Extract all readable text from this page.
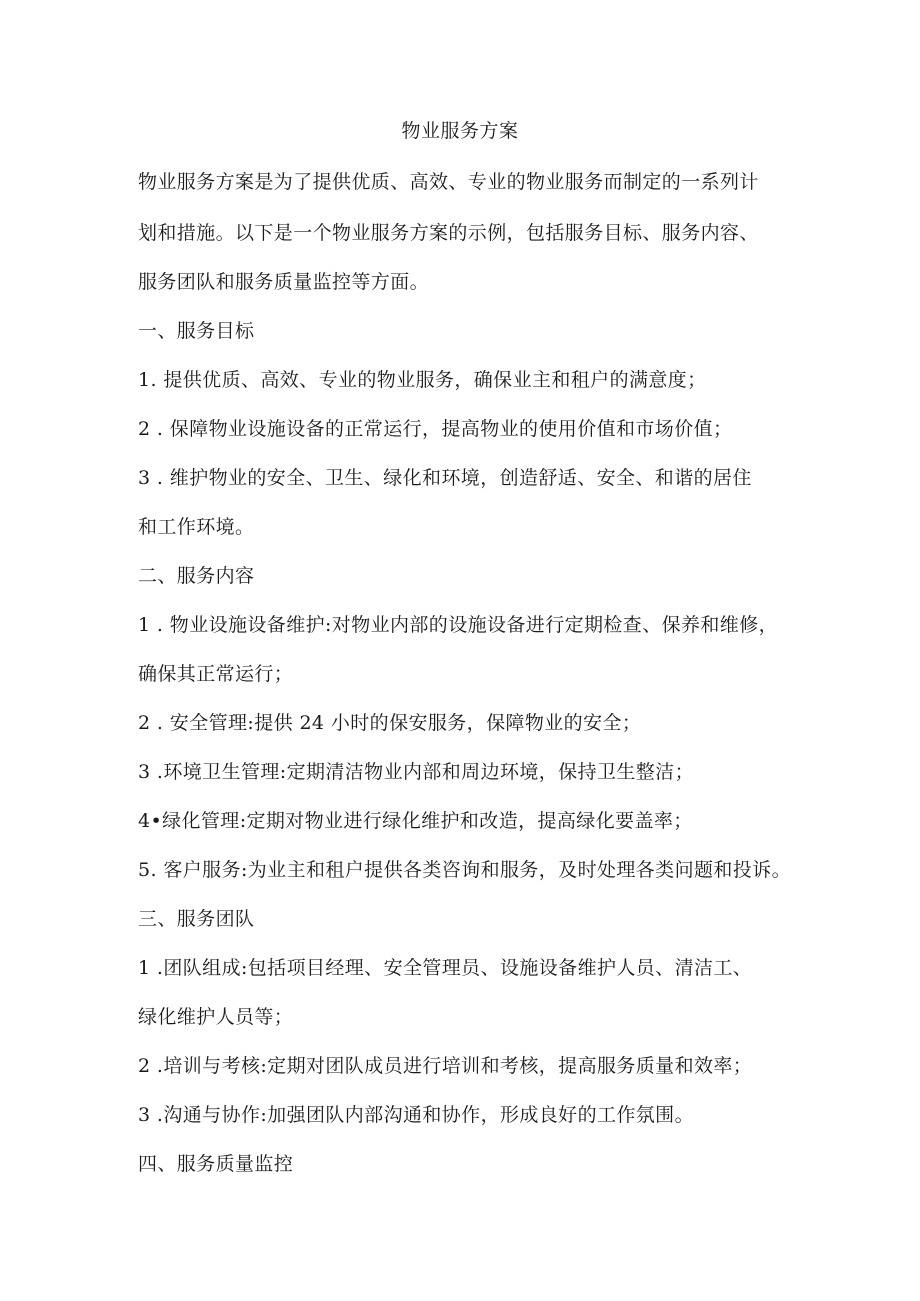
物业服务方案
物业服务方案是为了提供优质、高效、专业的物业服务而制定的一系列计
划和措施。以下是一个物业服务方案的示例，包括服务目标、服务内容、
服务团队和服务质量监控等方面。
一、服务目标
1. 提供优质、高效、专业的物业服务，确保业主和租户的满意度；
2 . 保障物业设施设备的正常运行，提高物业的使用价值和市场价值；
3 . 维护物业的安全、卫生、绿化和环境，创造舒适、安全、和谐的居住
和工作环境。
二、服务内容
1 . 物业设施设备维护:对物业内部的设施设备进行定期检查、保养和维修，
确保其正常运行；
2 . 安全管理:提供 24 小时的保安服务，保障物业的安全；
3 .环境卫生管理:定期清洁物业内部和周边环境，保持卫生整洁；
4•绿化管理:定期对物业进行绿化维护和改造，提高绿化要盖率；
5. 客户服务:为业主和租户提供各类咨询和服务，及时处理各类问题和投诉。
三、服务团队
1 .团队组成:包括项目经理、安全管理员、设施设备维护人员、清洁工、
绿化维护人员等；
2 .培训与考核:定期对团队成员进行培训和考核，提高服务质量和效率；
3 .沟通与协作:加强团队内部沟通和协作，形成良好的工作氛围。
四、服务质量监控
